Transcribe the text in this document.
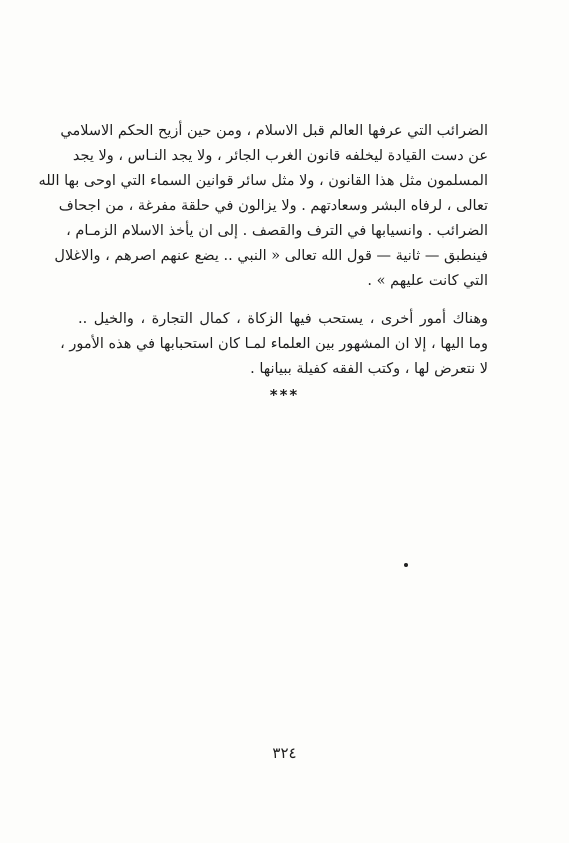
الضرائب التي عرفها العالم قبل الاسلام ، ومن حين أزيح الحكم الاسلامي
عن دست القيادة ليخلفه قانون الغرب الجائر ، ولا يجد النـاس ، ولا يجد
المسلمون مثل هذا القانون ، ولا مثل سائر قوانين السماء التي اوحى بها الله
تعالى ، لرفاه البشر وسعادتهم . ولا يزالون في حلقة مفرغة ، من اجحاف
الضرائب . وانسيابها في الترف والقصف . إلى ان يأخذ الاسلام الزمـام ،
فينطبق — ثانية — قول الله تعالى « النبي .. يضع عنهم اصرهم ، والاغلال
التي كانت عليهم » .
وهناك أمور أخرى ، يستحب فيها الزكاة ، كمال التجارة ، والخيل ..
وما اليها ، إلا ان المشهور بين العلماء لمـا كان استحبابها في هذه الأمور ،
لا نتعرض لها ، وكتب الفقه كفيلة ببيانها .
***
٣٢٤
